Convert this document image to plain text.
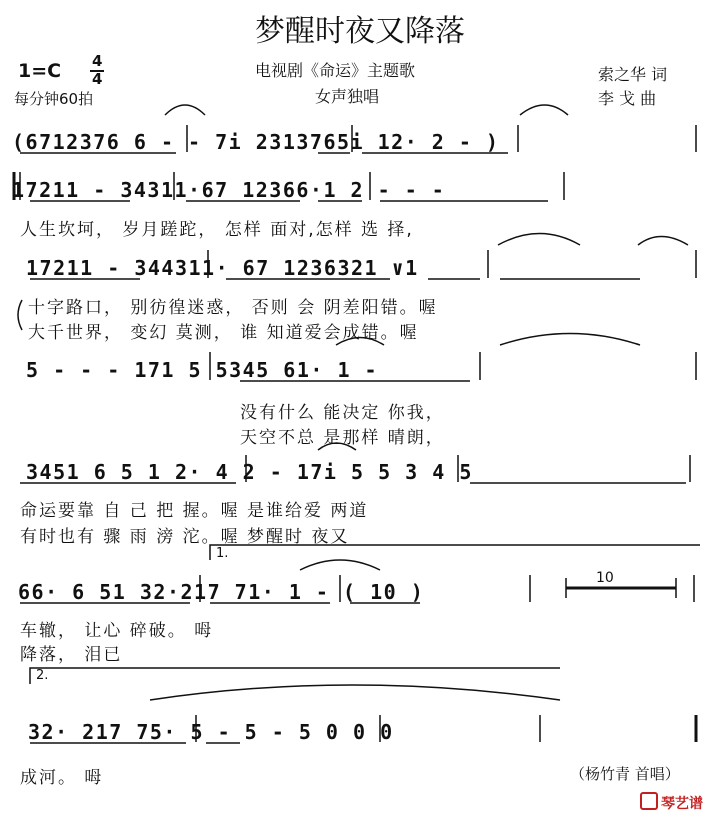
梦醒时夜又降落
1=C 4
4
每分钟60拍
电视剧《命运》主题歌
女声独唱
索之华 词
李 戈 曲
(6712376 6 - - 7i 2313765i 12· 2 - )
17211 - 34311·67 12366·1 2 - - -
人生坎坷， 岁月蹉跎， 怎样 面对,怎样 选 择,
17211 - 344311· 67 1236321 ∨1
十字路口， 别彷徨迷惑， 否则 会 阴差阳错。喔
大千世界， 变幻 莫测， 谁 知道爱会成错。喔
5 - - - 171 5 5345 61· 1 -
没有什么 能决定 你我，
天空不总 是那样 晴朗，
3451 6 5 1 2· 4 2 - 17i 5 5 3 4 5
命运要靠 自 己 把 握。喔 是谁给爱 两道
有时也有 骤 雨 滂 沱。喔 梦醒时 夜又
1.
2.
66· 6 51 32·217 71· 1 - ( 10 )
10
车辙， 让心 碎破。 呣
降落， 泪已
32· 217 75· 5 - 5 - 5 0 0 0
成河。 呣	（杨竹青 首唱）
琴艺谱
